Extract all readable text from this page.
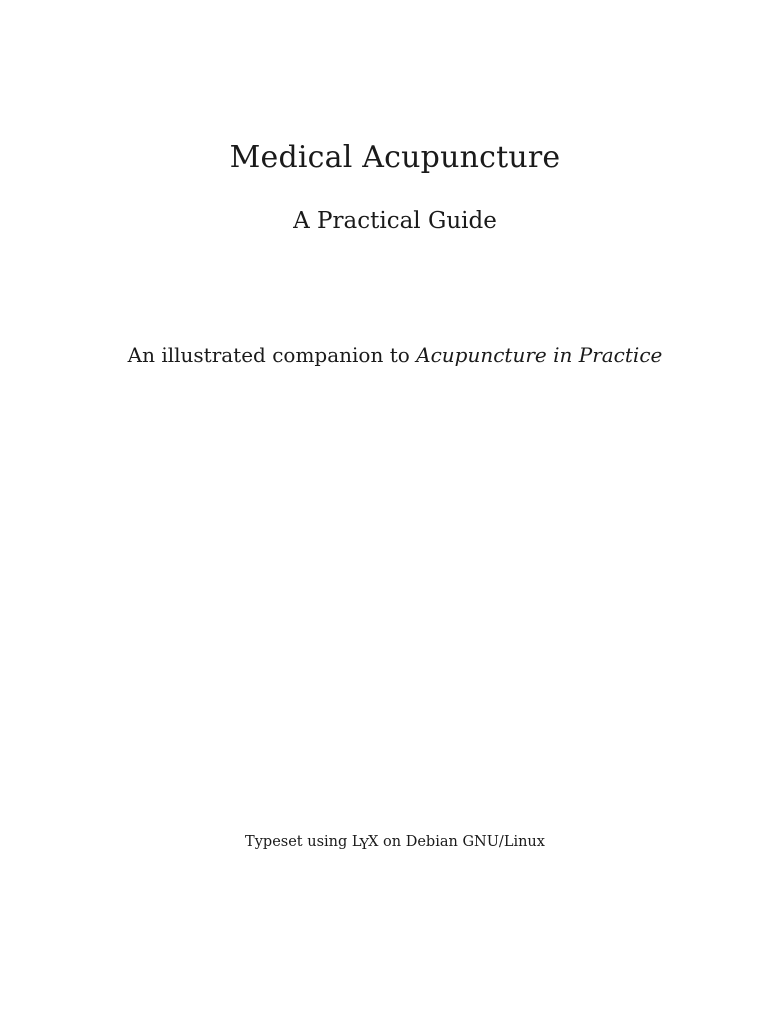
Medical Acupuncture
A Practical Guide
An illustrated companion to Acupuncture in Practice
Typeset using LYX on Debian GNU/Linux
